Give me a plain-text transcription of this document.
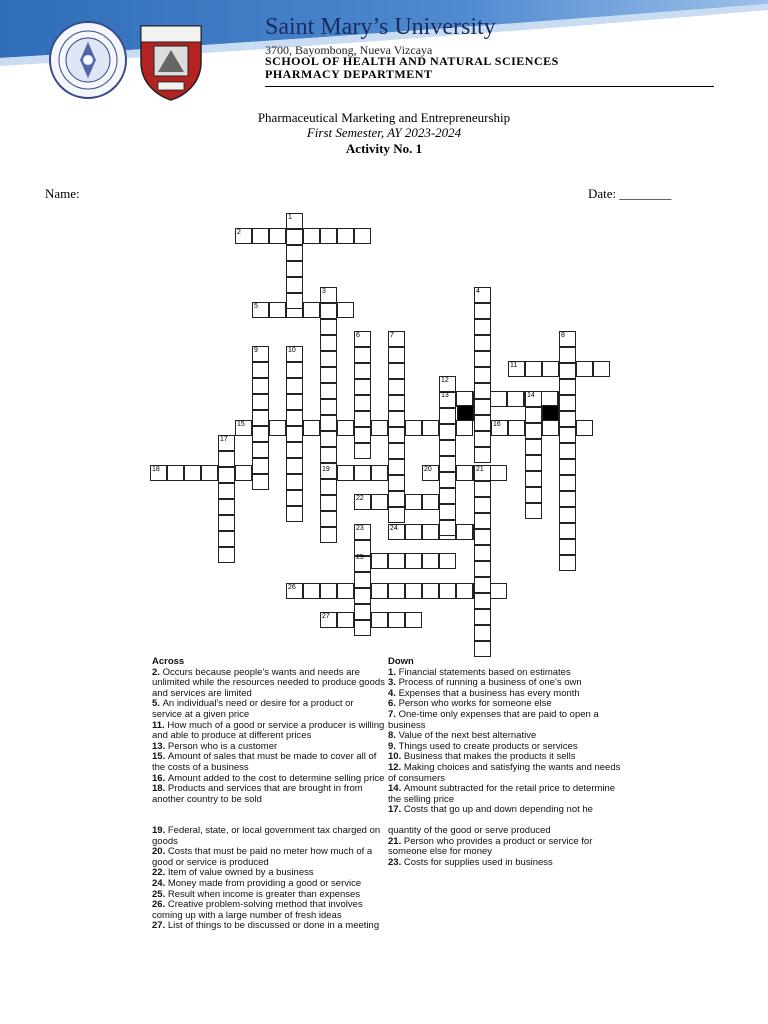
Saint Mary’s University
3700, Bayombong, Nueva Vizcaya
SCHOOL OF HEALTH AND NATURAL SCIENCES
PHARMACY DEPARTMENT
Pharmaceutical Marketing and Entrepreneurship
First Semester, AY 2023-2024
Activity No. 1
Name:	Date: ________
1
2
3	4
5
6	7	8
9	10
11
12
13	14
15	16
17
18	19	20	21
22
23	24
25
26
27
Across
2. Occurs because people’s wants and needs are unlimited while the resources needed to produce goods and services are limited
5. An individual’s need or desire for a product or service at a given price
11. How much of a good or service a producer is willing and able to produce at different prices
13. Person who is a customer
15. Amount of sales that must be made to cover all of the costs of a business
16. Amount added to the cost to determine selling price
18. Products and services that are brought in from another country to be sold
Down
1. Financial statements based on estimates
3. Process of running a business of one’s own
4. Expenses that a business has every month
6. Person who works for someone else
7. One-time only expenses that are paid to open a business
8. Value of the next best alternative
9. Things used to create products or services
10. Business that makes the products it sells
12. Making choices and satisfying the wants and needs of consumers
14. Amount subtracted for the retail price to determine the selling price
17. Costs that go up and down depending not he
19. Federal, state, or local government tax charged on goods
20. Costs that must be paid no meter how much of a good or service is produced
22. Item of value owned by a business
24. Money made from providing a good or service
25. Result when income is greater than expenses
26. Creative problem-solving method that involves coming up with a large number of fresh ideas
27. List of things to be discussed or done in a meeting
quantity of the good or serve produced
21. Person who provides a product or service for someone else for money
23. Costs for supplies used in business
